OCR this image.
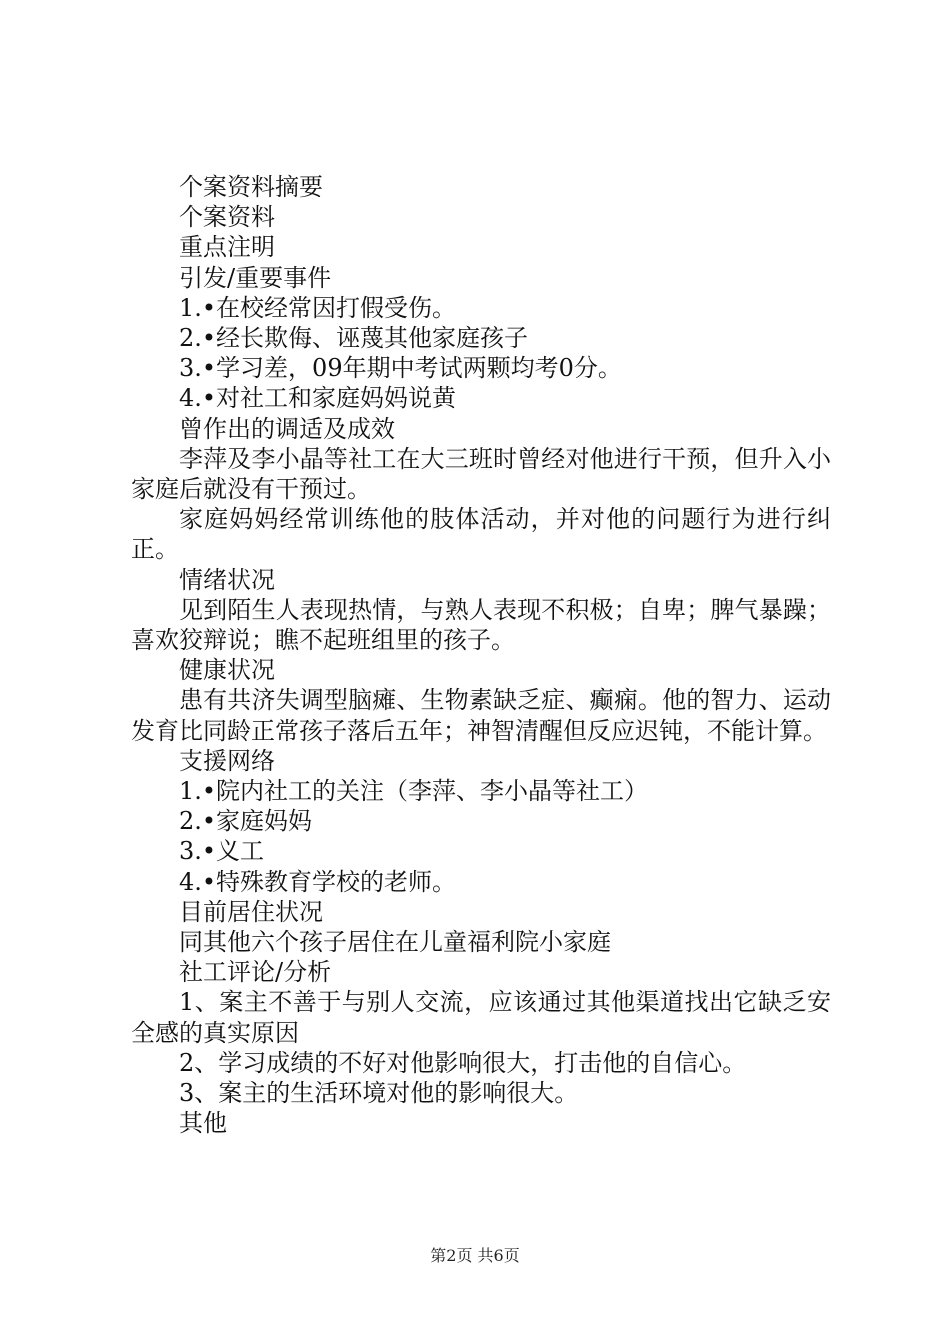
个案资料摘要

个案资料

重点注明

引发/重要事件

1.•在校经常因打假受伤。

2.•经长欺侮、诬蔑其他家庭孩子

3.•学习差，09年期中考试两颗均考0分。

4.•对社工和家庭妈妈说黄

曾作出的调适及成效

李萍及李小晶等社工在大三班时曾经对他进行干预，但升入小家庭后就没有干预过。

家庭妈妈经常训练他的肢体活动，并对他的问题行为进行纠正。

情绪状况

见到陌生人表现热情，与熟人表现不积极；自卑；脾气暴躁；喜欢狡辩说；瞧不起班组里的孩子。

健康状况

患有共济失调型脑瘫、生物素缺乏症、癫痫。他的智力、运动发育比同龄正常孩子落后五年；神智清醒但反应迟钝，不能计算。

支援网络

1.•院内社工的关注（李萍、李小晶等社工）

2.•家庭妈妈

3.•义工

4.•特殊教育学校的老师。

目前居住状况

同其他六个孩子居住在儿童福利院小家庭

社工评论/分析

1、案主不善于与别人交流，应该通过其他渠道找出它缺乏安全感的真实原因

2、学习成绩的不好对他影响很大，打击他的自信心。

3、案主的生活环境对他的影响很大。

其他

第2页 共6页
